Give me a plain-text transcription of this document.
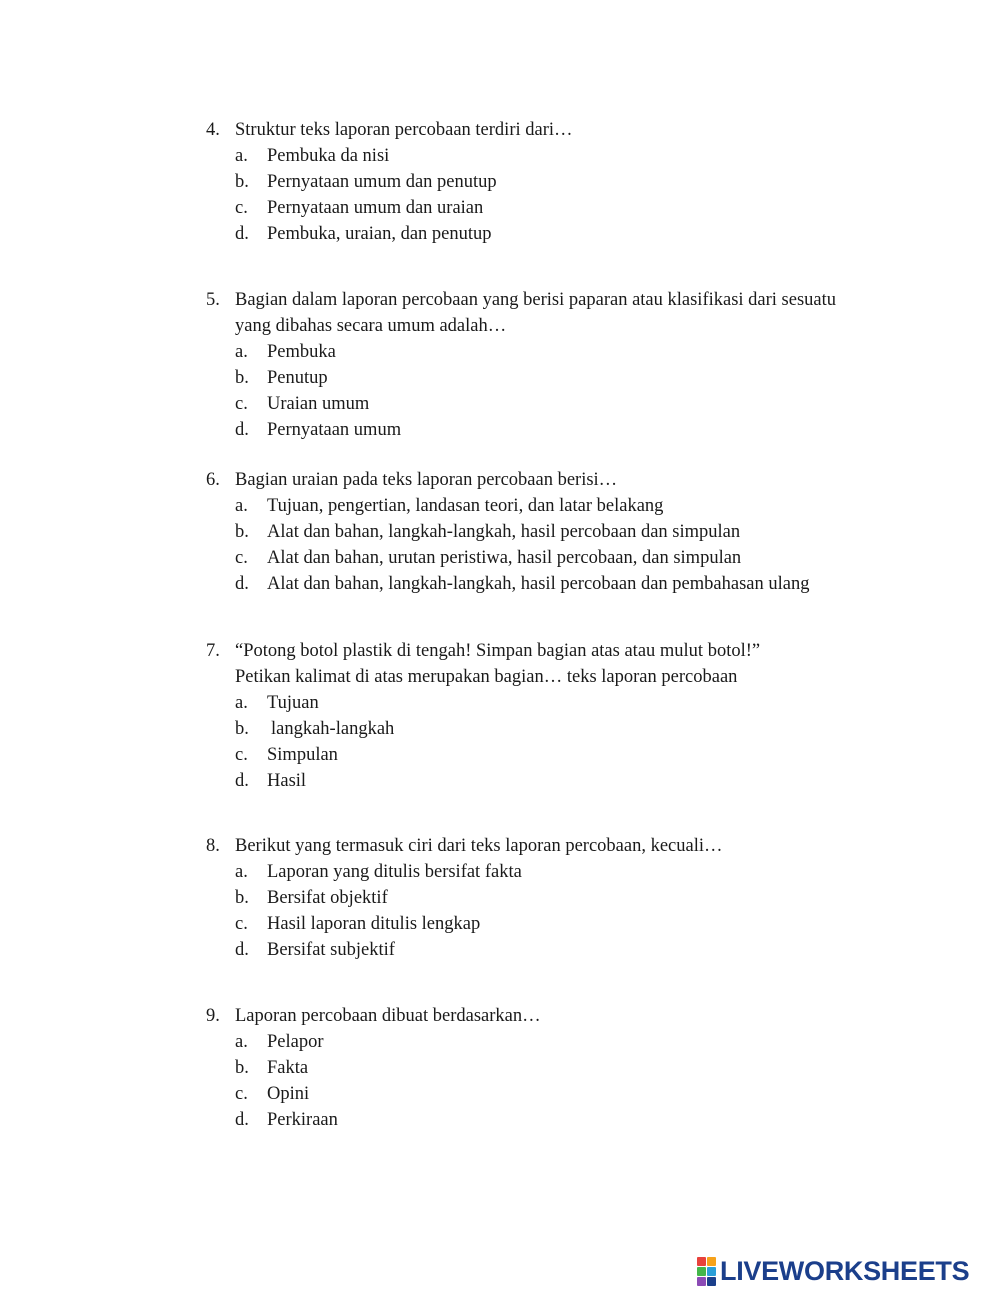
4. Struktur teks laporan percobaan terdiri dari…
a.	Pembuka da nisi
b. Pernyataan umum dan penutup
c.	Pernyataan umum dan uraian
d. Pembuka, uraian, dan penutup
5. Bagian dalam laporan percobaan yang berisi paparan atau klasifikasi dari sesuatu
yang dibahas secara umum adalah…
a.	Pembuka
b. Penutup
c.	Uraian umum
d. Pernyataan umum
6. Bagian uraian pada teks laporan percobaan berisi…
a.	Tujuan, pengertian, landasan teori, dan latar belakang
b. Alat dan bahan, langkah-langkah, hasil percobaan dan simpulan
c.	Alat dan bahan, urutan peristiwa, hasil percobaan, dan simpulan
d. Alat dan bahan, langkah-langkah, hasil percobaan dan pembahasan ulang
7. “Potong botol plastik di tengah! Simpan bagian atas atau mulut botol!”
Petikan kalimat di atas merupakan bagian… teks laporan percobaan
a.	Tujuan
b.	langkah-langkah
c.	Simpulan
d. Hasil
8. Berikut yang termasuk ciri dari teks laporan percobaan, kecuali…
a.	Laporan yang ditulis bersifat fakta
b. Bersifat objektif
c.	Hasil laporan ditulis lengkap
d. Bersifat subjektif
9. Laporan percobaan dibuat berdasarkan…
a.	Pelapor
b. Fakta
c.	Opini
d. Perkiraan
LIVEWORKSHEETS
